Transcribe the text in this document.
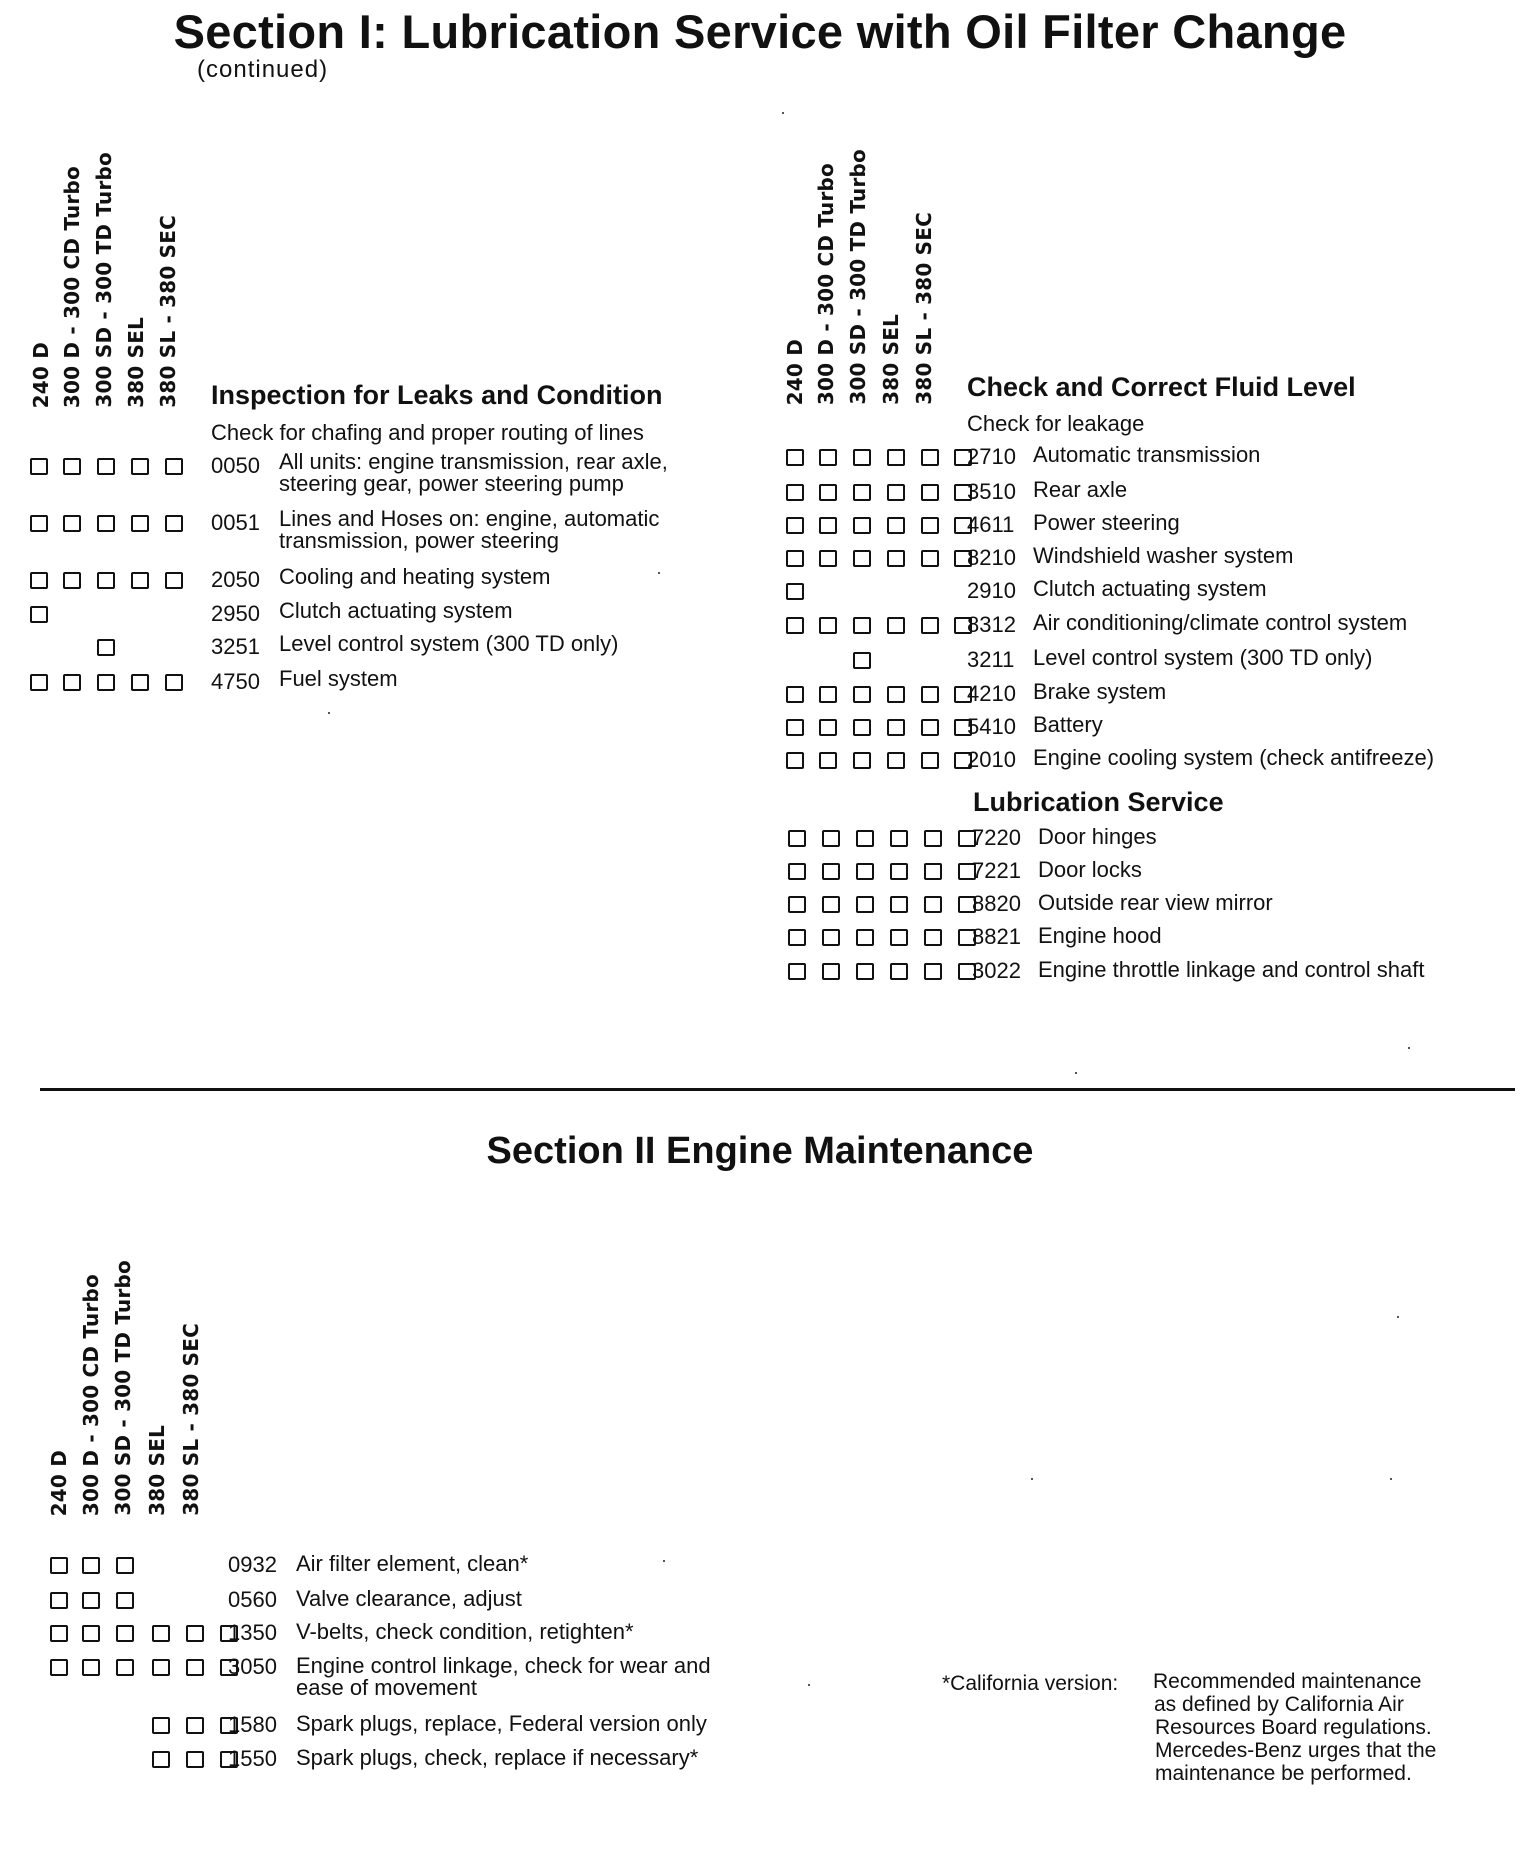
Section I: Lubrication Service with Oil Filter Change
(continued)
240 D 300 D - 300 CD Turbo 300 SD - 300 TD Turbo 380 SEL 380 SL - 380 SEC Inspection for Leaks and Condition
Check for chafing and proper routing of lines
0050 All units: engine transmission, rear axle,
steering gear, power steering pump
0051 Lines and Hoses on: engine, automatic
transmission, power steering
2050 Cooling and heating system
2950 Clutch actuating system
3251 Level control system (300 TD only)
4750 Fuel system
240 D 300 D - 300 CD Turbo 300 SD - 300 TD Turbo 380 SEL 380 SL - 380 SEC Check and Correct Fluid Level
Check for leakage
2710 Automatic transmission
3510 Rear axle
4611 Power steering
8210 Windshield washer system
2910 Clutch actuating system
8312 Air conditioning/climate control system
3211 Level control system (300 TD only)
4210 Brake system
5410 Battery
2010 Engine cooling system (check antifreeze)
Lubrication Service
7220 Door hinges
7221 Door locks
8820 Outside rear view mirror
8821 Engine hood
3022 Engine throttle linkage and control shaft
Section II Engine Maintenance
240 D 300 D - 300 CD Turbo 300 SD - 300 TD Turbo 380 SEL 380 SL - 380 SEC
0932 Air filter element, clean*
0560 Valve clearance, adjust
1350 V-belts, check condition, retighten*
3050 Engine control linkage, check for wear and
ease of movement
1580 Spark plugs, replace, Federal version only
1550 Spark plugs, check, replace if necessary*
*California version: Recommended maintenance
as defined by California Air
Resources Board regulations.
Mercedes-Benz urges that the
maintenance be performed.
